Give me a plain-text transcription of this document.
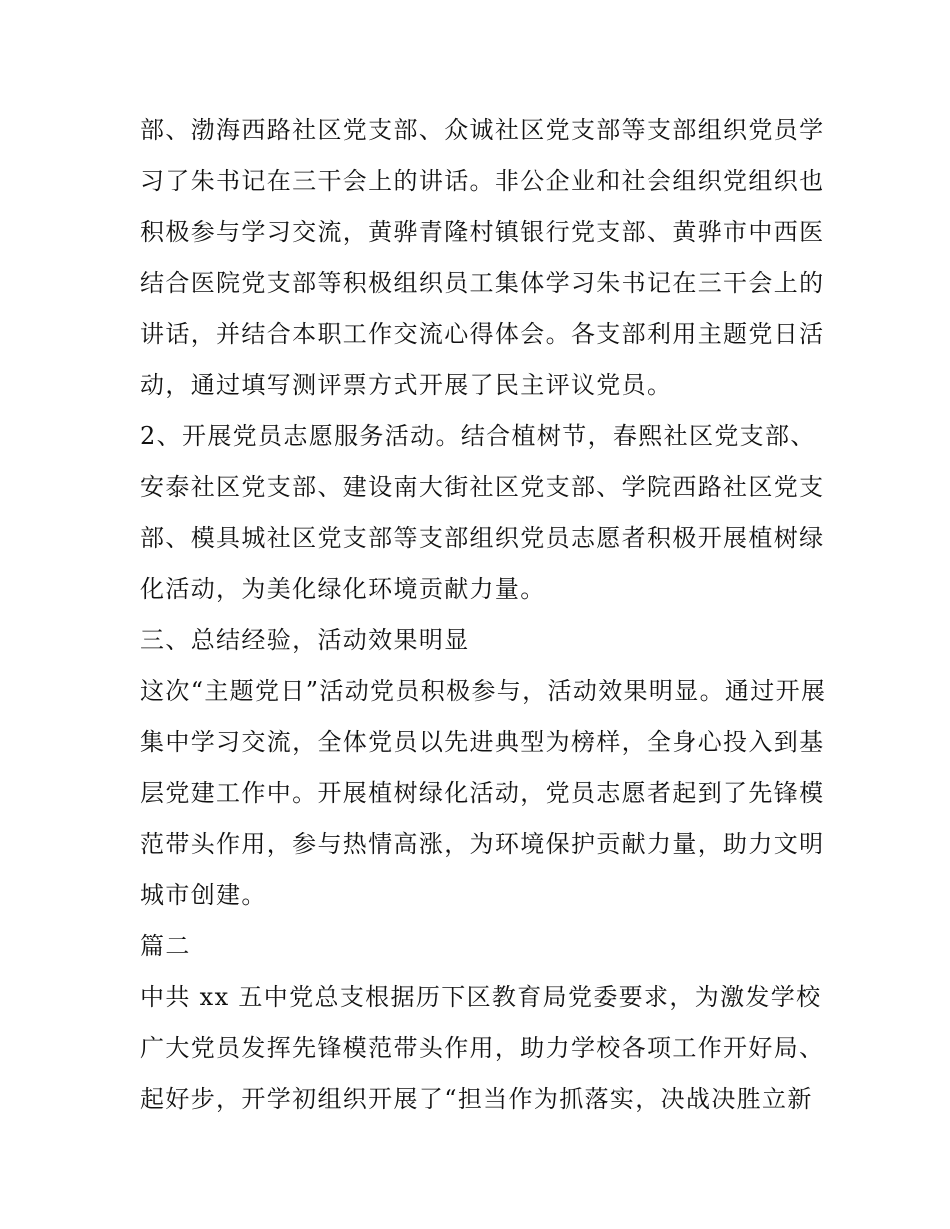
部、渤海西路社区党支部、众诚社区党支部等支部组织党员学
习了朱书记在三干会上的讲话。非公企业和社会组织党组织也
积极参与学习交流，黄骅青隆村镇银行党支部、黄骅市中西医
结合医院党支部等积极组织员工集体学习朱书记在三干会上的
讲话，并结合本职工作交流心得体会。各支部利用主题党日活
动，通过填写测评票方式开展了民主评议党员。
2、开展党员志愿服务活动。结合植树节，春熙社区党支部、
安泰社区党支部、建设南大街社区党支部、学院西路社区党支
部、模具城社区党支部等支部组织党员志愿者积极开展植树绿
化活动，为美化绿化环境贡献力量。
三、总结经验，活动效果明显
这次“主题党日”活动党员积极参与，活动效果明显。通过开展
集中学习交流，全体党员以先进典型为榜样，全身心投入到基
层党建工作中。开展植树绿化活动，党员志愿者起到了先锋模
范带头作用，参与热情高涨，为环境保护贡献力量，助力文明
城市创建。
篇二
中共 xx 五中党总支根据历下区教育局党委要求，为激发学校
广大党员发挥先锋模范带头作用，助力学校各项工作开好局、
起好步，开学初组织开展了“担当作为抓落实，决战决胜立新
